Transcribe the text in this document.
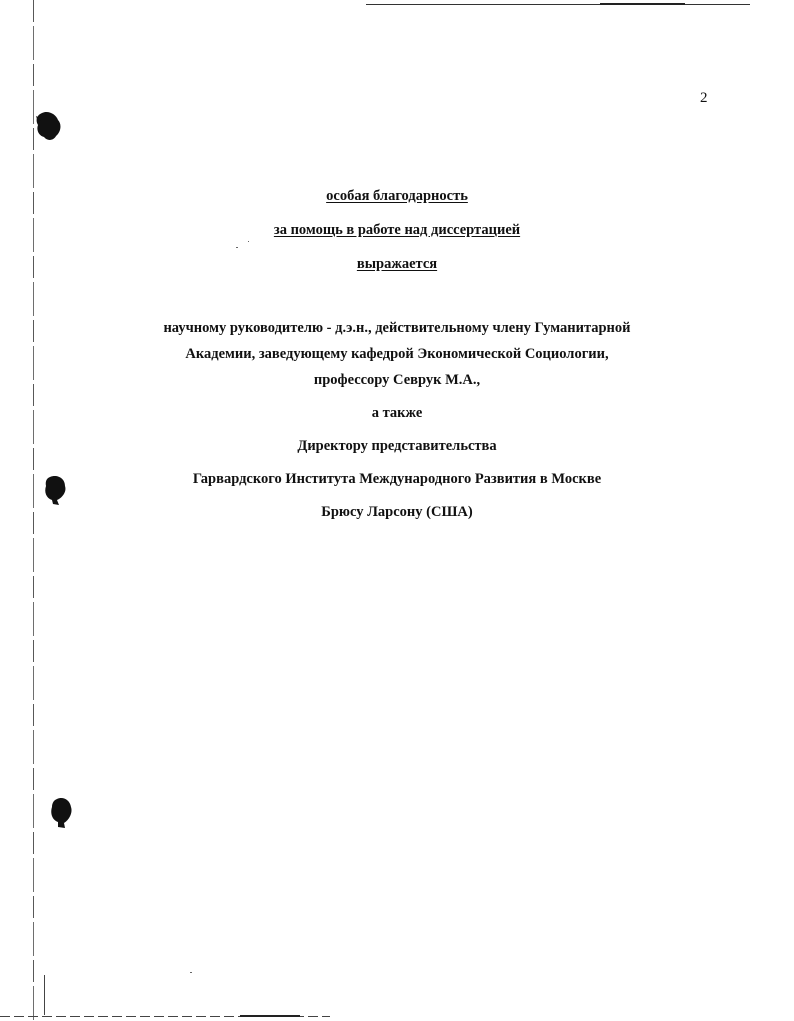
2
особая благодарность
за помощь в работе над диссертацией
выражается
научному руководителю - д.э.н., действительному члену Гуманитарной
Академии, заведующему кафедрой Экономической Социологии,
профессору Севрук М.А.,
а также
Директору представительства
Гарвардского Института Международного Развития в Москве
Брюсу Ларсону (США)
